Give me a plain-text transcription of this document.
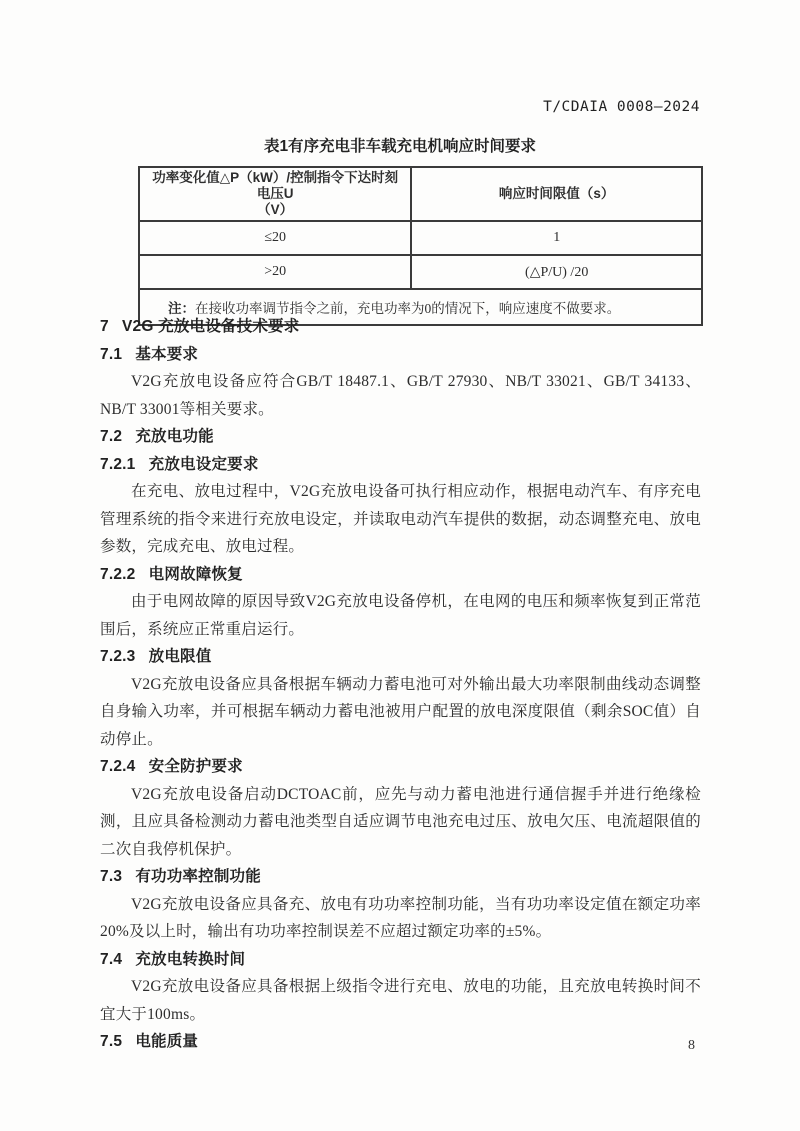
T/CDAIA 0008—2024
表1有序充电非车载充电机响应时间要求
功率变化值△P（kW）/控制指令下达时刻电压U
（V）	响应时间限值（s）
≤20	1
>20	(△P/U) /20
注：在接收功率调节指令之前，充电功率为0的情况下，响应速度不做要求。	
7 V2G 充放电设备技术要求
7.1 基本要求

V2G充放电设备应符合GB/T 18487.1、GB/T 27930、NB/T 33021、GB/T 34133、NB/T 33001等相关要求。

7.2 充放电功能
7.2.1 充放电设定要求

在充电、放电过程中，V2G充放电设备可执行相应动作，根据电动汽车、有序充电管理系统的指令来进行充放电设定，并读取电动汽车提供的数据，动态调整充电、放电参数，完成充电、放电过程。

7.2.2 电网故障恢复

由于电网故障的原因导致V2G充放电设备停机，在电网的电压和频率恢复到正常范围后，系统应正常重启运行。

7.2.3 放电限值

V2G充放电设备应具备根据车辆动力蓄电池可对外输出最大功率限制曲线动态调整自身输入功率，并可根据车辆动力蓄电池被用户配置的放电深度限值（剩余SOC值）自动停止。

7.2.4 安全防护要求

V2G充放电设备启动DCTOAC前，应先与动力蓄电池进行通信握手并进行绝缘检测，且应具备检测动力蓄电池类型自适应调节电池充电过压、放电欠压、电流超限值的二次自我停机保护。

7.3 有功功率控制功能

V2G充放电设备应具备充、放电有功功率控制功能，当有功功率设定值在额定功率20%及以上时，输出有功功率控制误差不应超过额定功率的±5%。

7.4 充放电转换时间

V2G充放电设备应具备根据上级指令进行充电、放电的功能，且充放电转换时间不宜大于100ms。

7.5 电能质量	8
